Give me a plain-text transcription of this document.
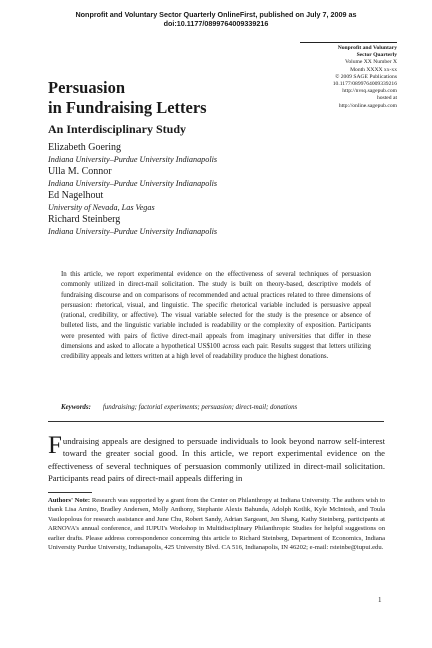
Nonprofit and Voluntary Sector Quarterly OnlineFirst, published on July 7, 2009 as
doi:10.1177/0899764009339216
Nonprofit and Voluntary
Sector Quarterly
Volume XX Number X
Month XXXX xx-xx
© 2009 SAGE Publications
10.1177/0899764009339216
http://nvsq.sagepub.com
hosted at
http://online.sagepub.com
Persuasion
in Fundraising Letters
An Interdisciplinary Study
Elizabeth Goering
Indiana University–Purdue University Indianapolis
Ulla M. Connor
Indiana University–Purdue University Indianapolis
Ed Nagelhout
University of Nevada, Las Vegas
Richard Steinberg
Indiana University–Purdue University Indianapolis

In this article, we report experimental evidence on the effectiveness of several techniques of persuasion commonly utilized in direct-mail solicitation. The study is built on theory-based, descriptive models of fundraising discourse and on comparisons of recommended and actual practices related to three dimensions of persuasion: rhetorical, visual, and linguistic. The specific rhetorical variable included is persuasive appeal (rational, credibility, or affective). The visual variable selected for the study is the presence or absence of bulleted lists, and the linguistic variable included is readability or the complexity of exposition. Participants were presented with pairs of fictive direct-mail appeals from imaginary universities that differ in these dimensions and asked to allocate a hypothetical US$100 across each pair. Results suggest that letters utilizing credibility appeals and letters written at a high level of readability produce the highest donations.

Keywords: fundraising; factorial experiments; persuasion; direct-mail; donations

Fundraising appeals are designed to persuade individuals to look beyond narrow self-interest toward the greater social good. In this article, we report experimental evidence on the effectiveness of several techniques of persuasion commonly utilized in direct-mail solicitation. Participants read pairs of direct-mail appeals differing in

Authors' Note: Research was supported by a grant from the Center on Philanthropy at Indiana University. The authors wish to thank Lisa Amino, Bradley Andersen, Molly Anthony, Stephanie Alexis Bahunda, Adolph Kotlik, Kyle McIntosh, and Toula Vasilopolous for research assistance and June Chu, Robert Sandy, Adrian Sargeant, Jen Shang, Kathy Steinberg, participants at ARNOVA's annual conference, and IUPUI's Workshop in Multidisciplinary Philanthropic Studies for helpful suggestions on earlier drafts. Please address correspondence concerning this article to Richard Steinberg, Department of Economics, Indiana University Purdue University, Indianapolis, 425 University Blvd. CA 516, Indianapolis, IN 46202; e-mail: rsteinbe@iupui.edu.

1
